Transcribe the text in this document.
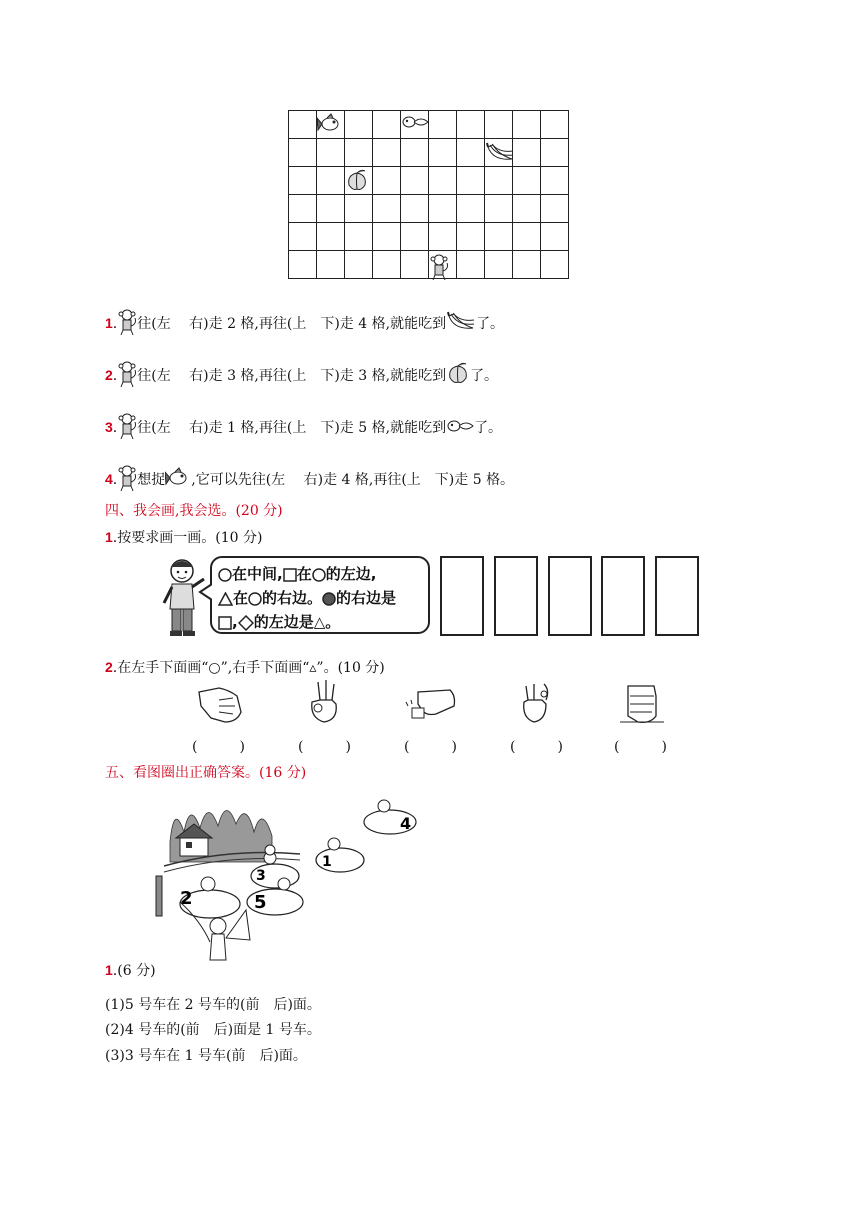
1. 往(左　 右)走 2 格,再往(上　下)走 4 格,就能吃到 了。
2. 往(左　 右)走 3 格,再往(上　下)走 3 格,就能吃到 了。
3. 往(左　 右)走 1 格,再往(上　下)走 5 格,就能吃到 了。
4. 想捉 ,它可以先往(左　 右)走 4 格,再往(上　下)走 5 格。
四、我会画,我会选。(20 分)
1.按要求画一画。(10 分)
在中间, 在 的左边,
在 的右边。 的右边是
, 的左边是△。
2.在左手下面画“○”,右手下面画“▵”。(10 分)
(　　　)	(　　　)	(　　　)	(　　　)	(　　　)
五、看图圈出正确答案。(16 分)
4
1
3
2	5
1.(6 分)
(1)5 号车在 2 号车的(前　后)面。
(2)4 号车的(前　后)面是 1 号车。
(3)3 号车在 1 号车(前　后)面。
